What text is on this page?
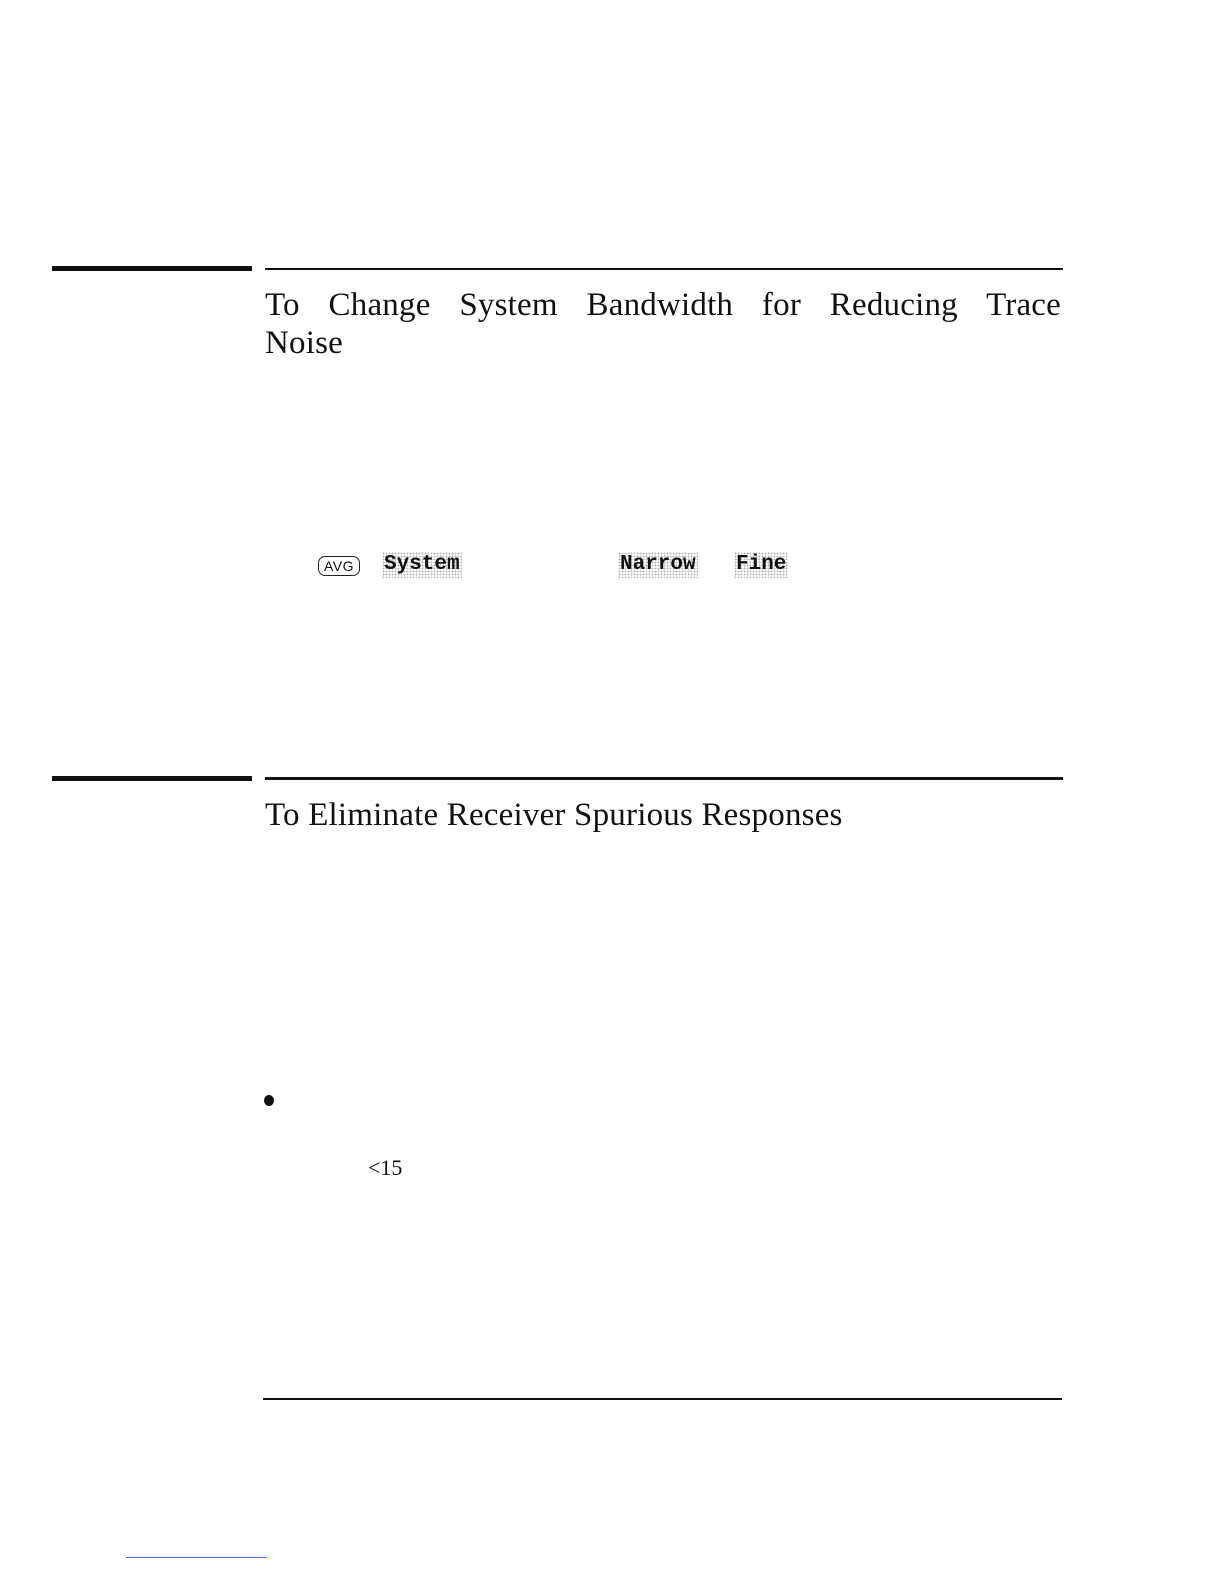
To Change System Bandwidth for Reducing Trace Noise
AVG System	Narrow Fine
To Eliminate Receiver Spurious Responses
<15
